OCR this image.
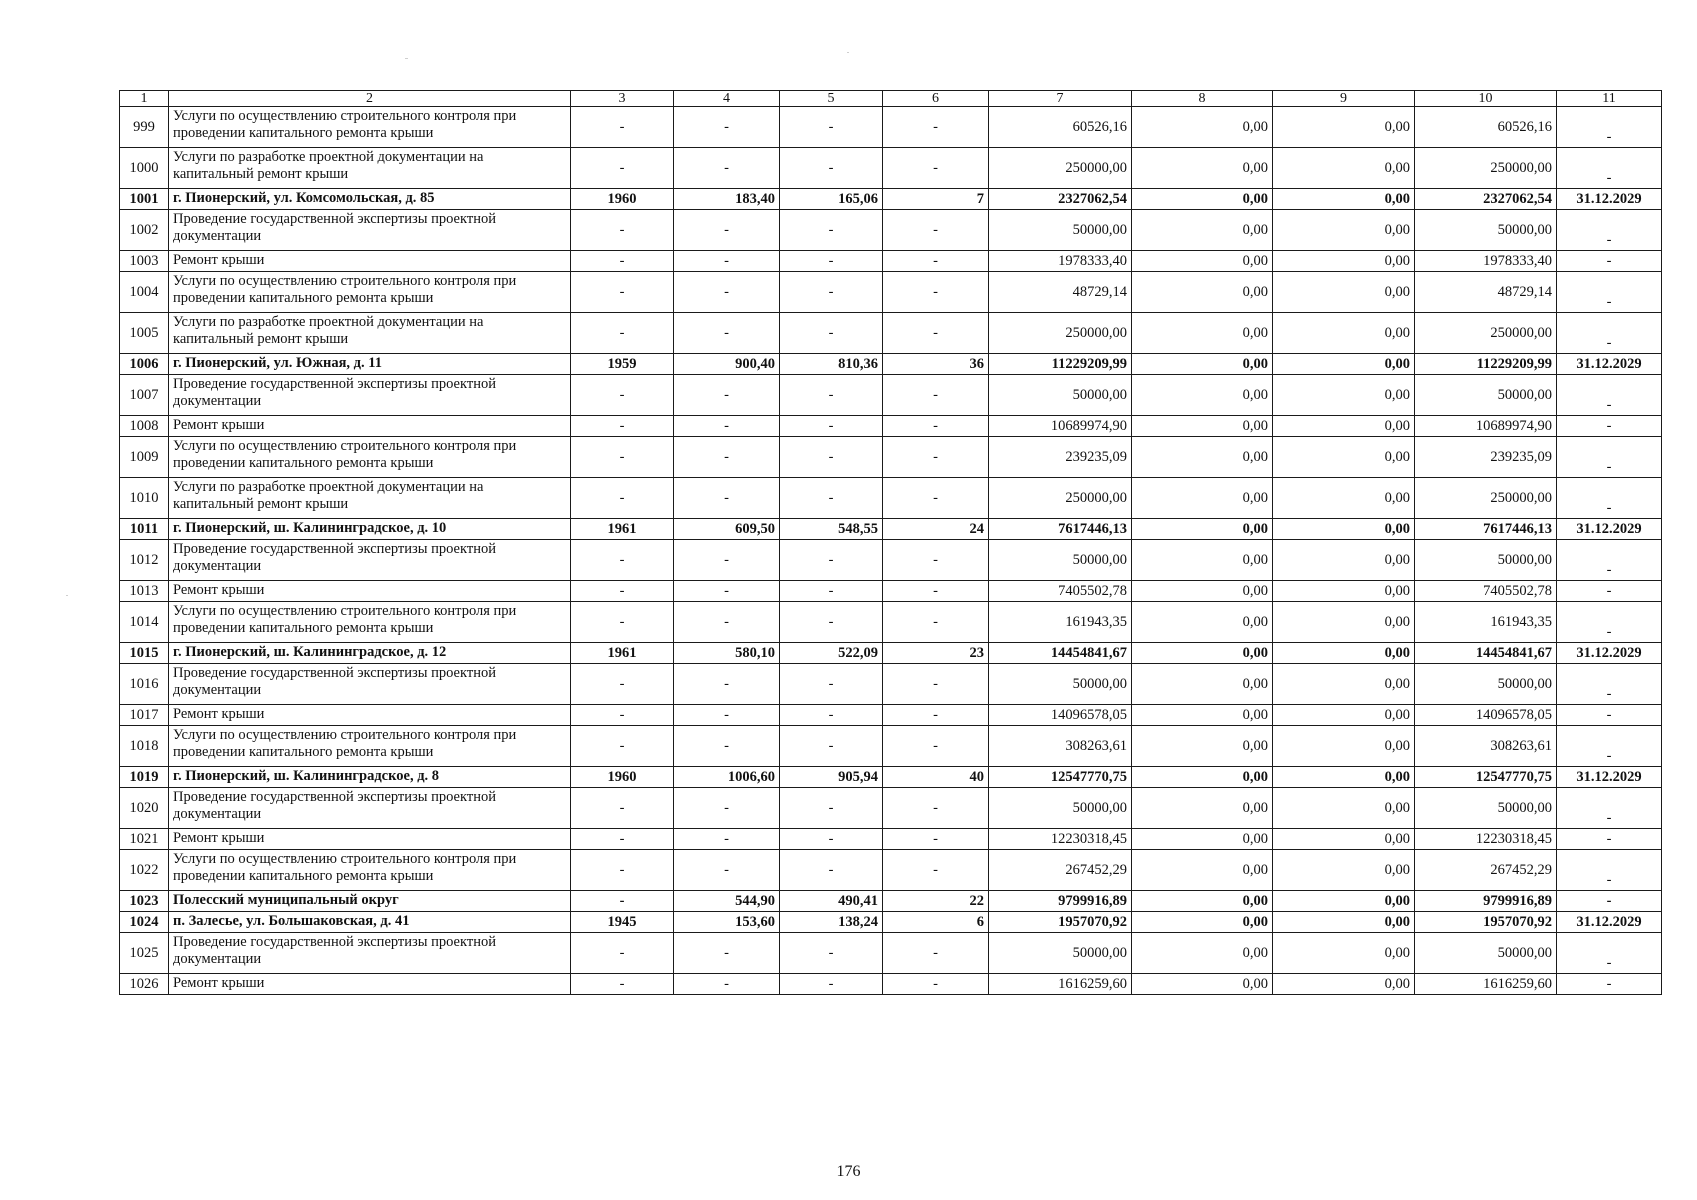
1	2	3	4	5	6	7	8	9	10	11
999	Услуги по осуществлению строительного контроля при проведении капитального ремонта крыши	-	-	-	-	60526,16	0,00	0,00	60526,16	-
1000	Услуги по разработке проектной документации на капитальный ремонт крыши	-	-	-	-	250000,00	0,00	0,00	250000,00	-
1001	г. Пионерский, ул. Комсомольская, д. 85	1960	183,40	165,06	7	2327062,54	0,00	0,00	2327062,54	31.12.2029
1002	Проведение государственной экспертизы проектной документации	-	-	-	-	50000,00	0,00	0,00	50000,00	-
1003	Ремонт крыши	-	-	-	-	1978333,40	0,00	0,00	1978333,40	-
1004	Услуги по осуществлению строительного контроля при проведении капитального ремонта крыши	-	-	-	-	48729,14	0,00	0,00	48729,14	-
1005	Услуги по разработке проектной документации на капитальный ремонт крыши	-	-	-	-	250000,00	0,00	0,00	250000,00	-
1006	г. Пионерский, ул. Южная, д. 11	1959	900,40	810,36	36	11229209,99	0,00	0,00	11229209,99	31.12.2029
1007	Проведение государственной экспертизы проектной документации	-	-	-	-	50000,00	0,00	0,00	50000,00	-
1008	Ремонт крыши	-	-	-	-	10689974,90	0,00	0,00	10689974,90	-
1009	Услуги по осуществлению строительного контроля при проведении капитального ремонта крыши	-	-	-	-	239235,09	0,00	0,00	239235,09	-
1010	Услуги по разработке проектной документации на капитальный ремонт крыши	-	-	-	-	250000,00	0,00	0,00	250000,00	-
1011	г. Пионерский, ш. Калининградское, д. 10	1961	609,50	548,55	24	7617446,13	0,00	0,00	7617446,13	31.12.2029
1012	Проведение государственной экспертизы проектной документации	-	-	-	-	50000,00	0,00	0,00	50000,00	-
1013	Ремонт крыши	-	-	-	-	7405502,78	0,00	0,00	7405502,78	-
1014	Услуги по осуществлению строительного контроля при проведении капитального ремонта крыши	-	-	-	-	161943,35	0,00	0,00	161943,35	-
1015	г. Пионерский, ш. Калининградское, д. 12	1961	580,10	522,09	23	14454841,67	0,00	0,00	14454841,67	31.12.2029
1016	Проведение государственной экспертизы проектной документации	-	-	-	-	50000,00	0,00	0,00	50000,00	-
1017	Ремонт крыши	-	-	-	-	14096578,05	0,00	0,00	14096578,05	-
1018	Услуги по осуществлению строительного контроля при проведении капитального ремонта крыши	-	-	-	-	308263,61	0,00	0,00	308263,61	-
1019	г. Пионерский, ш. Калининградское, д. 8	1960	1006,60	905,94	40	12547770,75	0,00	0,00	12547770,75	31.12.2029
1020	Проведение государственной экспертизы проектной документации	-	-	-	-	50000,00	0,00	0,00	50000,00	-
1021	Ремонт крыши	-	-	-	-	12230318,45	0,00	0,00	12230318,45	-
1022	Услуги по осуществлению строительного контроля при проведении капитального ремонта крыши	-	-	-	-	267452,29	0,00	0,00	267452,29	-
1023	Полесский муниципальный округ	-	544,90	490,41	22	9799916,89	0,00	0,00	9799916,89	-
1024	п. Залесье, ул. Большаковская, д. 41	1945	153,60	138,24	6	1957070,92	0,00	0,00	1957070,92	31.12.2029
1025	Проведение государственной экспертизы проектной документации	-	-	-	-	50000,00	0,00	0,00	50000,00	-
1026	Ремонт крыши	-	-	-	-	1616259,60	0,00	0,00	1616259,60	-
176
